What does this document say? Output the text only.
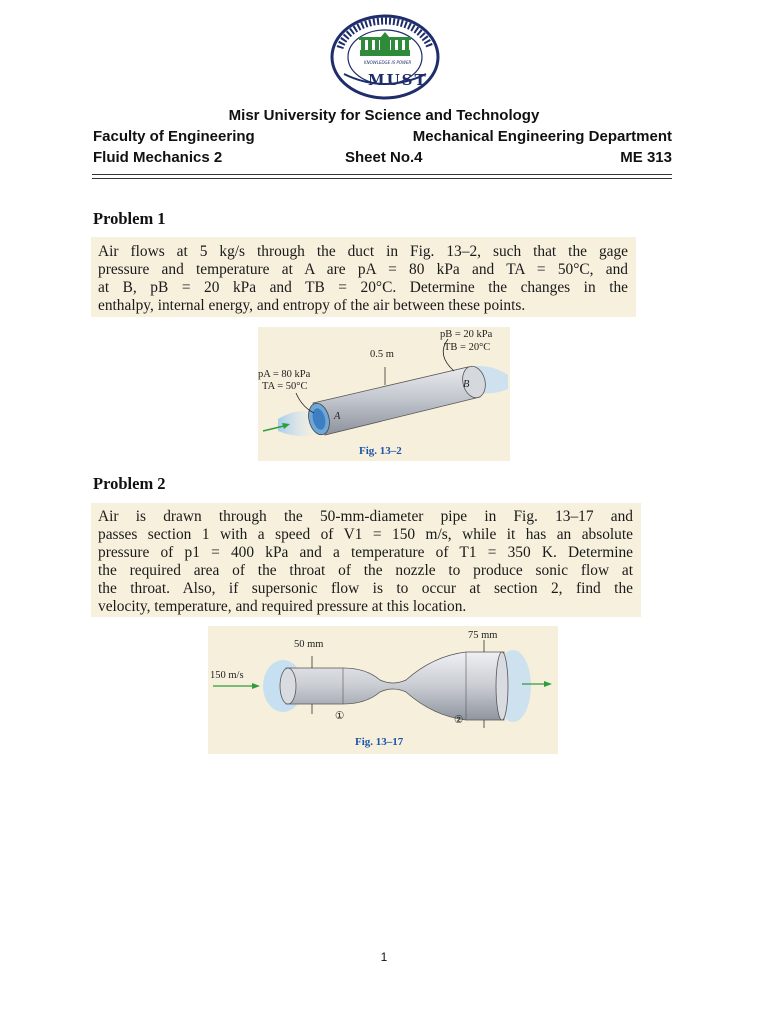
KNOWLEDGE IS POWER
MUST
Misr University for Science and Technology
Faculty of Engineering	Mechanical Engineering Department
Fluid Mechanics 2	Sheet No.4	ME 313
Problem 1

Air flows at 5 kg/s through the duct in Fig. 13–2, such that the gage
pressure and temperature at A are pA = 80 kPa and TA = 50°C, and
at B, pB = 20 kPa and TB = 20°C. Determine the changes in the
enthalpy, internal energy, and entropy of the air between these points.

pB = 20 kPa
TB = 20°C
0.5 m
pA = 80 kPa
TA = 50°C
A
B
Fig. 13–2
Problem 2

Air is drawn through the 50-mm-diameter pipe in Fig. 13–17 and
passes section 1 with a speed of V1 = 150 m/s, while it has an absolute
pressure of p1 = 400 kPa and a temperature of T1 = 350 K. Determine
the required area of the throat of the nozzle to produce sonic flow at
the throat. Also, if supersonic flow is to occur at section 2, find the
velocity, temperature, and required pressure at this location.

50 mm
75 mm
150 m/s
①	②
Fig. 13–17
1
